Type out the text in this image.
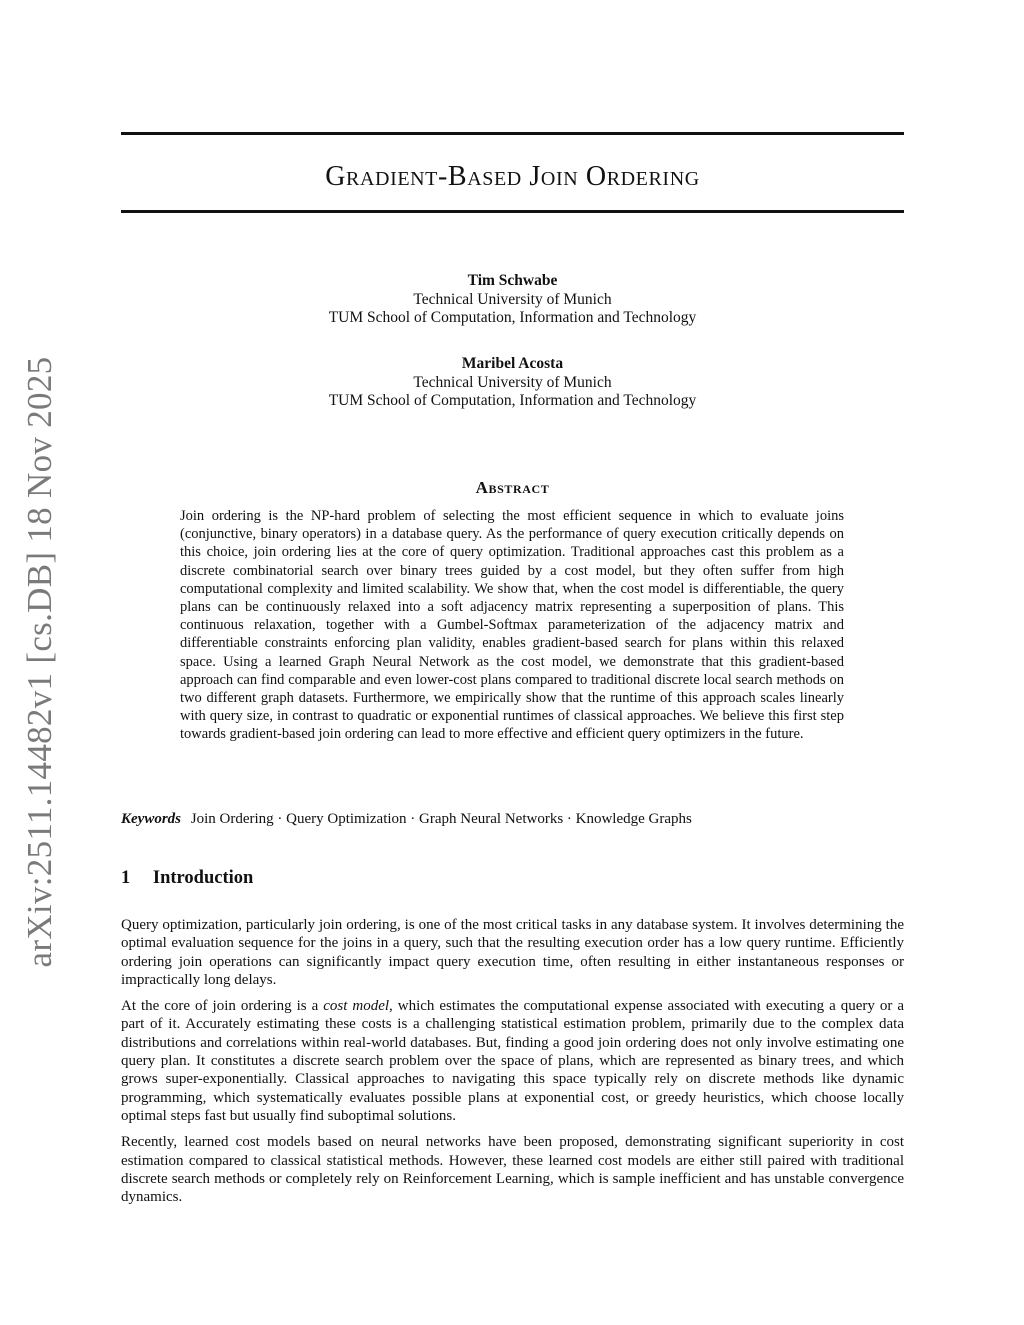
arXiv:2511.14482v1 [cs.DB] 18 Nov 2025
Gradient-Based Join Ordering
Tim Schwabe
Technical University of Munich
TUM School of Computation, Information and Technology
Maribel Acosta
Technical University of Munich
TUM School of Computation, Information and Technology
Abstract
Join ordering is the NP-hard problem of selecting the most efficient sequence in which to evaluate joins (conjunctive, binary operators) in a database query. As the performance of query execution critically depends on this choice, join ordering lies at the core of query optimization. Traditional approaches cast this problem as a discrete combinatorial search over binary trees guided by a cost model, but they often suffer from high computational complexity and limited scalability. We show that, when the cost model is differentiable, the query plans can be continuously relaxed into a soft adjacency matrix representing a superposition of plans. This continuous relaxation, together with a Gumbel-Softmax parameterization of the adjacency matrix and differentiable constraints enforcing plan validity, enables gradient-based search for plans within this relaxed space. Using a learned Graph Neural Network as the cost model, we demonstrate that this gradient-based approach can find comparable and even lower-cost plans compared to traditional discrete local search methods on two different graph datasets. Furthermore, we empirically show that the runtime of this approach scales linearly with query size, in contrast to quadratic or exponential runtimes of classical approaches. We believe this first step towards gradient-based join ordering can lead to more effective and efficient query optimizers in the future.
Keywords Join Ordering · Query Optimization · Graph Neural Networks · Knowledge Graphs
1 Introduction

Query optimization, particularly join ordering, is one of the most critical tasks in any database system. It involves determining the optimal evaluation sequence for the joins in a query, such that the resulting execution order has a low query runtime. Efficiently ordering join operations can significantly impact query execution time, often resulting in either instantaneous responses or impractically long delays.

At the core of join ordering is a cost model, which estimates the computational expense associated with executing a query or a part of it. Accurately estimating these costs is a challenging statistical estimation problem, primarily due to the complex data distributions and correlations within real-world databases. But, finding a good join ordering does not only involve estimating one query plan. It constitutes a discrete search problem over the space of plans, which are represented as binary trees, and which grows super-exponentially. Classical approaches to navigating this space typically rely on discrete methods like dynamic programming, which systematically evaluates possible plans at exponential cost, or greedy heuristics, which choose locally optimal steps fast but usually find suboptimal solutions.

Recently, learned cost models based on neural networks have been proposed, demonstrating significant superiority in cost estimation compared to classical statistical methods. However, these learned cost models are either still paired with traditional discrete search methods or completely rely on Reinforcement Learning, which is sample inefficient and has unstable convergence dynamics.
